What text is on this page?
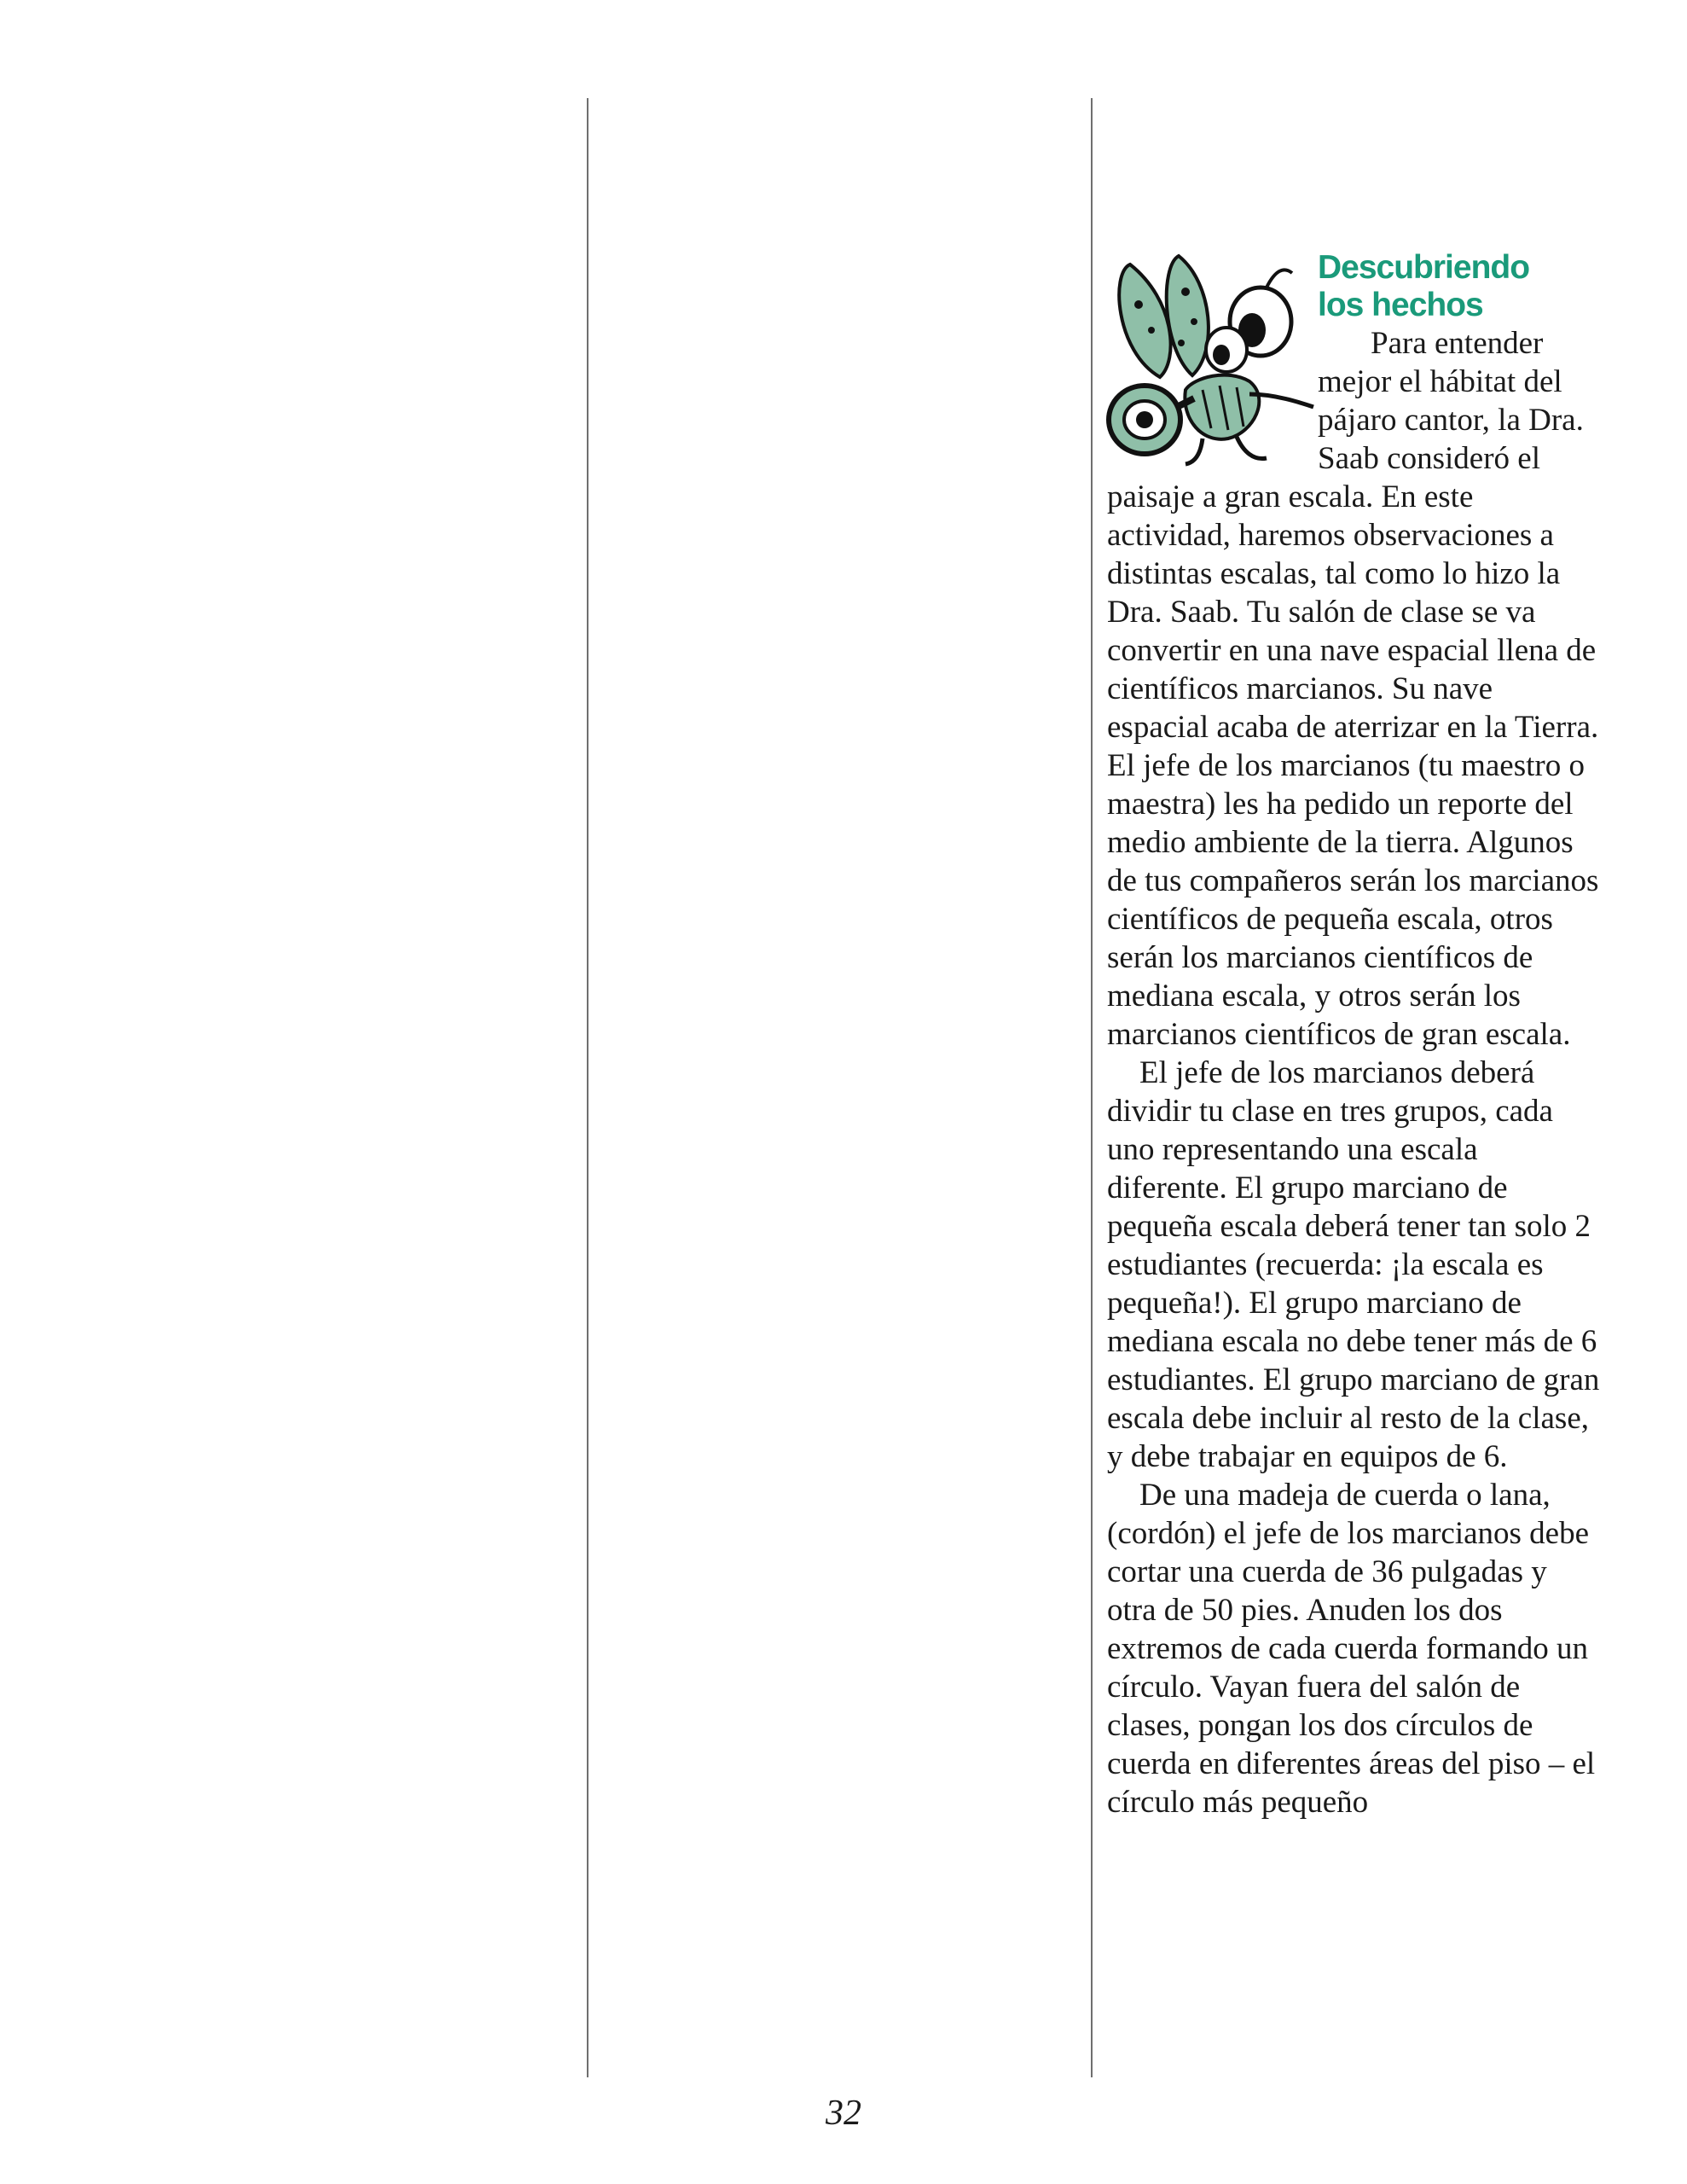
Descubriendo
los hechos

Para entender mejor el hábitat del pájaro cantor, la Dra. Saab consideró el paisaje a gran escala. En este actividad, haremos observaciones a distintas escalas, tal como lo hizo la Dra. Saab. Tu salón de clase se va convertir en una nave espacial llena de científicos marcianos. Su nave espacial acaba de aterrizar en la Tierra. El jefe de los marcianos (tu maestro o maestra) les ha pedido un reporte del medio ambiente de la tierra. Algunos de tus compañeros serán los marcianos científicos de pequeña escala, otros serán los marcianos científicos de mediana escala, y otros serán los marcianos científicos de gran escala.

El jefe de los marcianos deberá dividir tu clase en tres grupos, cada uno representando una escala diferente. El grupo marciano de pequeña escala deberá tener tan solo 2 estudiantes (recuerda: ¡la escala es pequeña!). El grupo marciano de mediana escala no debe tener más de 6 estudiantes. El grupo marciano de gran escala debe incluir al resto de la clase, y debe trabajar en equipos de 6.

De una madeja de cuerda o lana, (cordón) el jefe de los marcianos debe cortar una cuerda de 36 pulgadas y otra de 50 pies. Anuden los dos extremos de cada cuerda formando un círculo. Vayan fuera del salón de clases, pongan los dos círculos de cuerda en diferentes áreas del piso – el círculo más pequeño

32
